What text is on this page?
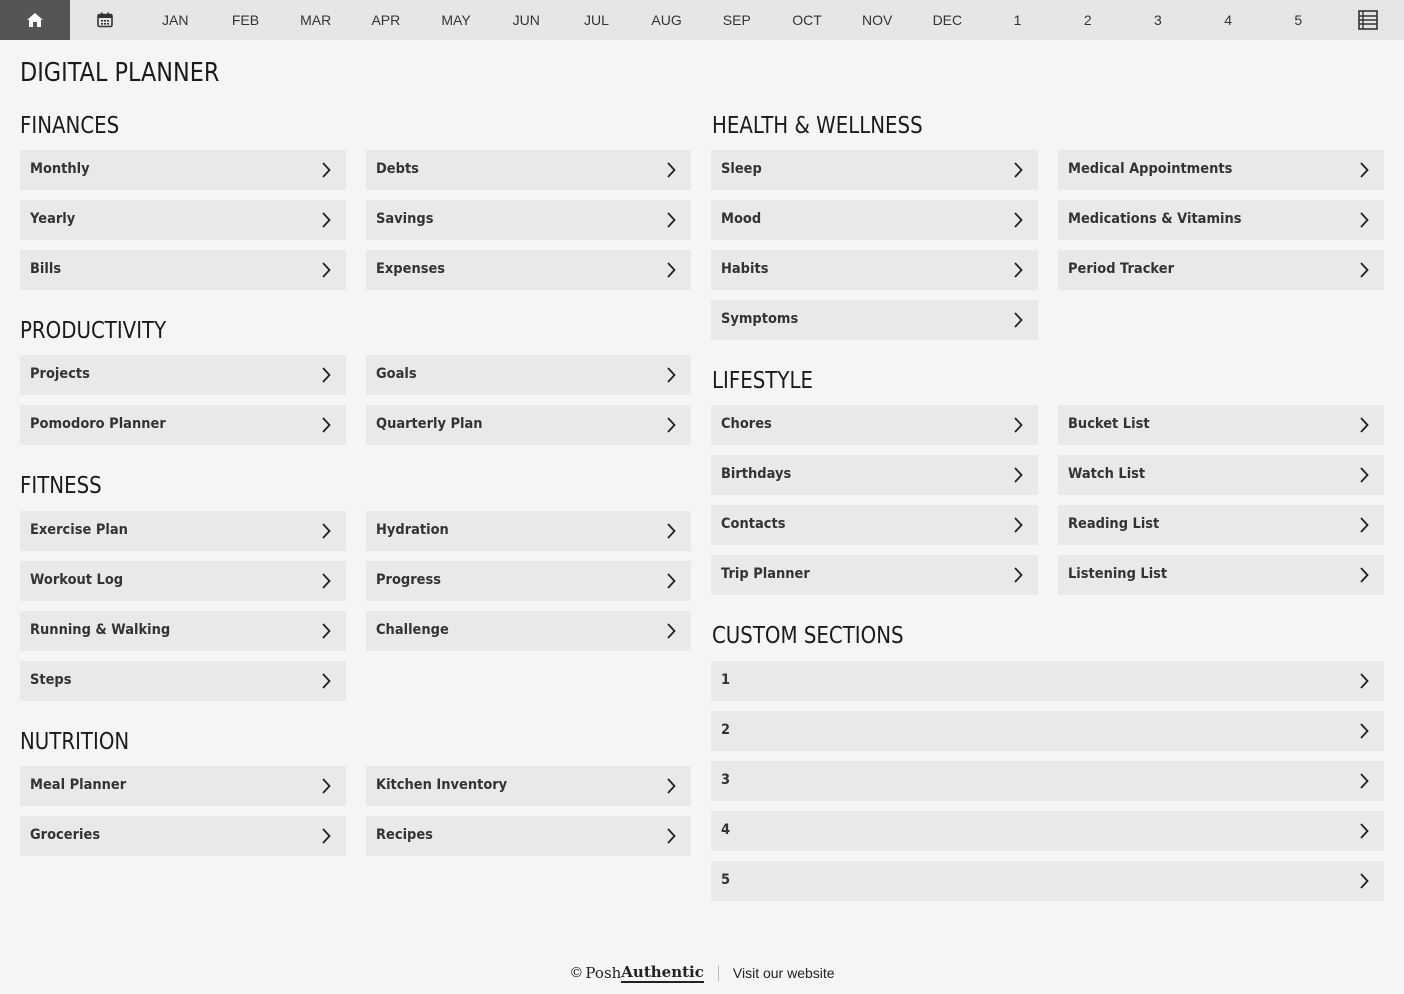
JAN	FEB	MAR	APR	MAY	JUN	JUL	AUG	SEP	OCT	NOV	DEC	1	2	3	4	5
DIGITAL PLANNER
FINANCES
Monthly	Debts
Yearly	Savings
Bills	Expenses
PRODUCTIVITY
Projects	Goals
Pomodoro Planner	Quarterly Plan
FITNESS
Exercise Plan	Hydration
Workout Log	Progress
Running & Walking	Challenge
Steps
NUTRITION
Meal Planner	Kitchen Inventory
Groceries	Recipes
HEALTH & WELLNESS
Sleep	Medical Appointments
Mood	Medications & Vitamins
Habits	Period Tracker
Symptoms
LIFESTYLE
Chores	Bucket List
Birthdays	Watch List
Contacts	Reading List
Trip Planner	Listening List
CUSTOM SECTIONS
1
2
3
4
5
© Posh Authentic Visit our website
